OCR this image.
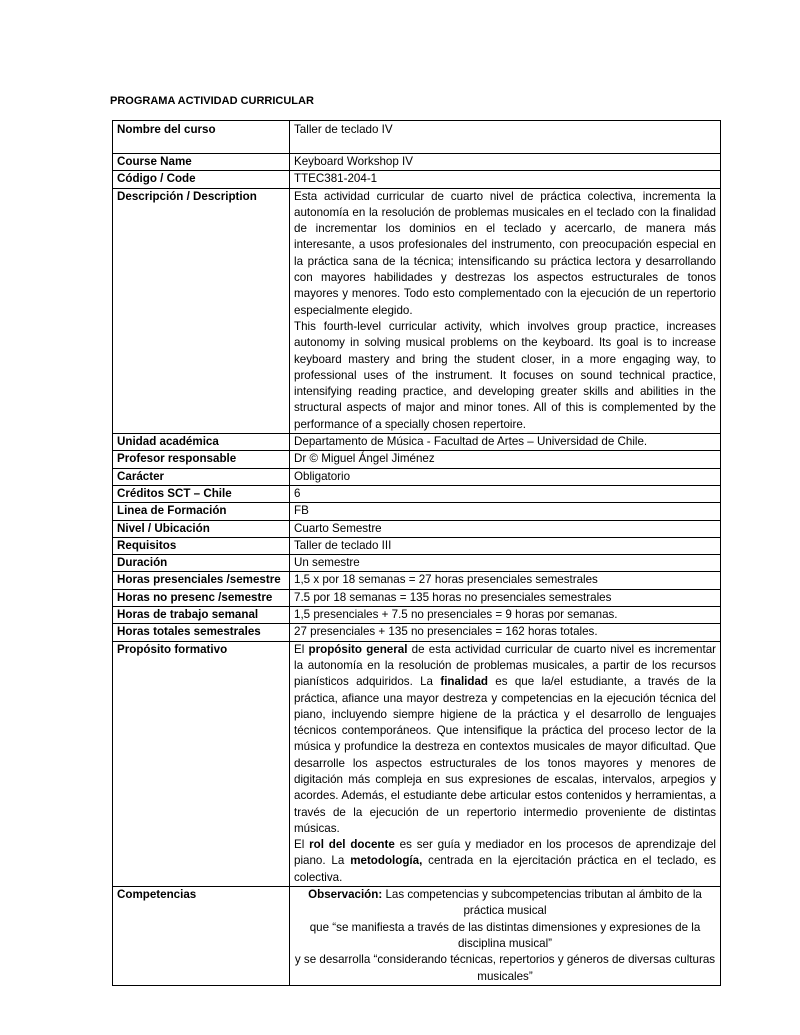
PROGRAMA ACTIVIDAD CURRICULAR
Nombre del curso	Taller de teclado IV
Course Name	Keyboard Workshop IV
Código / Code	TTEC381-204-1
Descripción / Description	Esta actividad curricular de cuarto nivel de práctica colectiva, incrementa la autonomía en la resolución de problemas musicales en el teclado con la finalidad de incrementar los dominios en el teclado y acercarlo, de manera más interesante, a usos profesionales del instrumento, con preocupación especial en la práctica sana de la técnica; intensificando su práctica lectora y desarrollando con mayores habilidades y destrezas los aspectos estructurales de tonos mayores y menores. Todo esto complementado con la ejecución de un repertorio especialmente elegido.
This fourth-level curricular activity, which involves group practice, increases autonomy in solving musical problems on the keyboard. Its goal is to increase keyboard mastery and bring the student closer, in a more engaging way, to professional uses of the instrument. It focuses on sound technical practice, intensifying reading practice, and developing greater skills and abilities in the structural aspects of major and minor tones. All of this is complemented by the performance of a specially chosen repertoire.

Unidad académica	Departamento de Música - Facultad de Artes – Universidad de Chile.
Profesor responsable	Dr © Miguel Ángel Jiménez
Carácter	Obligatorio
Créditos SCT – Chile	6
Linea de Formación	FB
Nivel / Ubicación	Cuarto Semestre
Requisitos	Taller de teclado III
Duración	Un semestre
Horas presenciales /semestre	1,5 x por 18 semanas = 27 horas presenciales semestrales
Horas no presenc /semestre	7.5 por 18 semanas = 135 horas no presenciales semestrales
Horas de trabajo semanal	1,5 presenciales + 7.5 no presenciales = 9 horas por semanas.
Horas totales semestrales	27 presenciales + 135 no presenciales = 162 horas totales.
Propósito formativo	El propósito general de esta actividad curricular de cuarto nivel es incrementar la autonomía en la resolución de problemas musicales, a partir de los recursos pianísticos adquiridos. La finalidad es que la/el estudiante, a través de la práctica, afiance una mayor destreza y competencias en la ejecución técnica del piano, incluyendo siempre higiene de la práctica y el desarrollo de lenguajes técnicos contemporáneos. Que intensifique la práctica del proceso lector de la música y profundice la destreza en contextos musicales de mayor dificultad. Que desarrolle los aspectos estructurales de los tonos mayores y menores de digitación más compleja en sus expresiones de escalas, intervalos, arpegios y acordes. Además, el estudiante debe articular estos contenidos y herramientas, a través de la ejecución de un repertorio intermedio proveniente de distintas músicas.
El rol del docente es ser guía y mediador en los procesos de aprendizaje del piano. La metodología, centrada en la ejercitación práctica en el teclado, es colectiva.

Competencias	Observación: Las competencias y subcompetencias tributan al ámbito de la práctica musical
que “se manifiesta a través de las distintas dimensiones y expresiones de la disciplina musical”
y se desarrolla “considerando técnicas, repertorios y géneros de diversas culturas musicales”
